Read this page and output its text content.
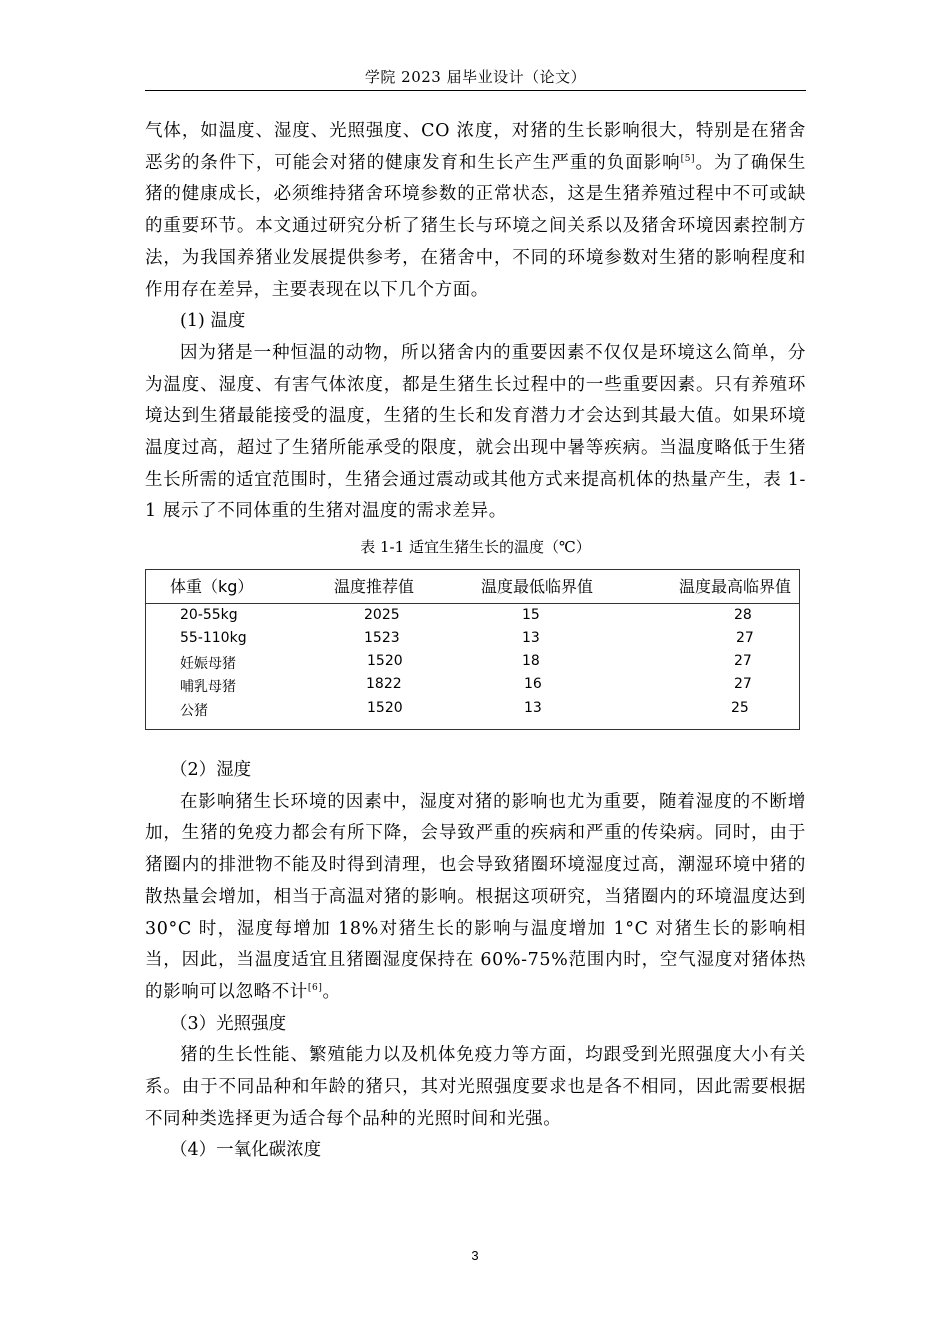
学院 2023 届毕业设计（论文）

气体，如温度、湿度、光照强度、CO 浓度，对猪的生长影响很大，特别是在猪舍恶劣的条件下，可能会对猪的健康发育和生长产生严重的负面影响[5]。为了确保生猪的健康成长，必须维持猪舍环境参数的正常状态，这是生猪养殖过程中不可或缺的重要环节。本文通过研究分析了猪生长与环境之间关系以及猪舍环境因素控制方法，为我国养猪业发展提供参考，在猪舍中，不同的环境参数对生猪的影响程度和作用存在差异，主要表现在以下几个方面。

(1) 温度

因为猪是一种恒温的动物，所以猪舍内的重要因素不仅仅是环境这么简单，分为温度、湿度、有害气体浓度，都是生猪生长过程中的一些重要因素。只有养殖环境达到生猪最能接受的温度，生猪的生长和发育潜力才会达到其最大值。如果环境温度过高，超过了生猪所能承受的限度，就会出现中暑等疾病。当温度略低于生猪生长所需的适宜范围时，生猪会通过震动或其他方式来提高机体的热量产生，表 1-1 展示了不同体重的生猪对温度的需求差异。

表 1-1 适宜生猪生长的温度（℃）
体重（kg）	温度推荐值	温度最低临界值	温度最高临界值
20-55kg	2025	15	28
55-110kg	1523	13	27
妊娠母猪	1520	18	27
哺乳母猪	1822	16	27
公猪	1520	13	25

（2）湿度

在影响猪生长环境的因素中，湿度对猪的影响也尤为重要，随着湿度的不断增加，生猪的免疫力都会有所下降，会导致严重的疾病和严重的传染病。同时，由于猪圈内的排泄物不能及时得到清理，也会导致猪圈环境湿度过高，潮湿环境中猪的散热量会增加，相当于高温对猪的影响。根据这项研究，当猪圈内的环境温度达到 30°C 时，湿度每增加 18%对猪生长的影响与温度增加 1°C 对猪生长的影响相当，因此，当温度适宜且猪圈湿度保持在 60%-75%范围内时，空气湿度对猪体热的影响可以忽略不计[6]。

（3）光照强度

猪的生长性能、繁殖能力以及机体免疫力等方面，均跟受到光照强度大小有关系。由于不同品种和年龄的猪只，其对光照强度要求也是各不相同，因此需要根据不同种类选择更为适合每个品种的光照时间和光强。

（4）一氧化碳浓度

3
